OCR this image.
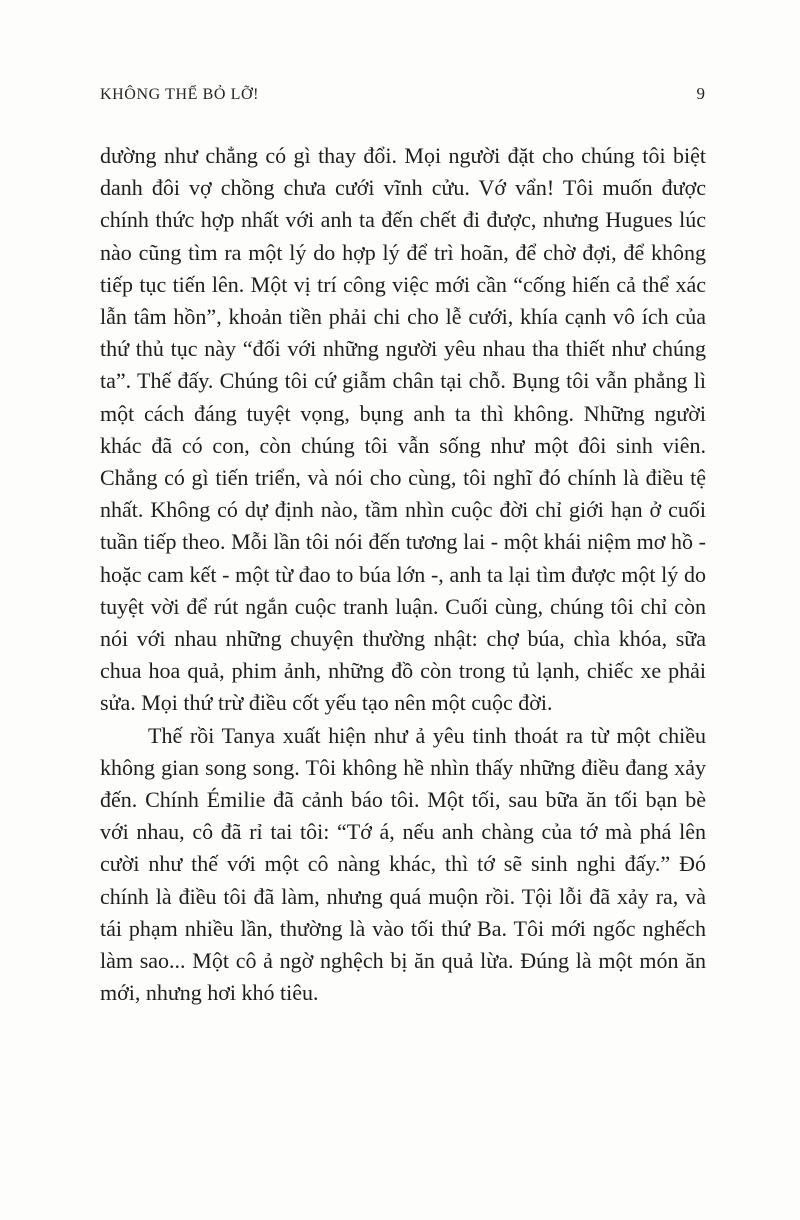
KHÔNG THỂ BỎ LỠ!	9

dường như chẳng có gì thay đổi. Mọi người đặt cho chúng tôi biệt danh đôi vợ chồng chưa cưới vĩnh cửu. Vớ vẩn! Tôi muốn được chính thức hợp nhất với anh ta đến chết đi được, nhưng Hugues lúc nào cũng tìm ra một lý do hợp lý để trì hoãn, để chờ đợi, để không tiếp tục tiến lên. Một vị trí công việc mới cần “cống hiến cả thể xác lẫn tâm hồn”, khoản tiền phải chi cho lễ cưới, khía cạnh vô ích của thứ thủ tục này “đối với những người yêu nhau tha thiết như chúng ta”. Thế đấy. Chúng tôi cứ giẫm chân tại chỗ. Bụng tôi vẫn phẳng lì một cách đáng tuyệt vọng, bụng anh ta thì không. Những người khác đã có con, còn chúng tôi vẫn sống như một đôi sinh viên. Chẳng có gì tiến triển, và nói cho cùng, tôi nghĩ đó chính là điều tệ nhất. Không có dự định nào, tầm nhìn cuộc đời chỉ giới hạn ở cuối tuần tiếp theo. Mỗi lần tôi nói đến tương lai - một khái niệm mơ hồ - hoặc cam kết - một từ đao to búa lớn -, anh ta lại tìm được một lý do tuyệt vời để rút ngắn cuộc tranh luận. Cuối cùng, chúng tôi chỉ còn nói với nhau những chuyện thường nhật: chợ búa, chìa khóa, sữa chua hoa quả, phim ảnh, những đồ còn trong tủ lạnh, chiếc xe phải sửa. Mọi thứ trừ điều cốt yếu tạo nên một cuộc đời.

Thế rồi Tanya xuất hiện như ả yêu tinh thoát ra từ một chiều không gian song song. Tôi không hề nhìn thấy những điều đang xảy đến. Chính Émilie đã cảnh báo tôi. Một tối, sau bữa ăn tối bạn bè với nhau, cô đã rỉ tai tôi: “Tớ á, nếu anh chàng của tớ mà phá lên cười như thế với một cô nàng khác, thì tớ sẽ sinh nghi đấy.” Đó chính là điều tôi đã làm, nhưng quá muộn rồi. Tội lỗi đã xảy ra, và tái phạm nhiều lần, thường là vào tối thứ Ba. Tôi mới ngốc nghếch làm sao... Một cô ả ngờ nghệch bị ăn quả lừa. Đúng là một món ăn mới, nhưng hơi khó tiêu.
